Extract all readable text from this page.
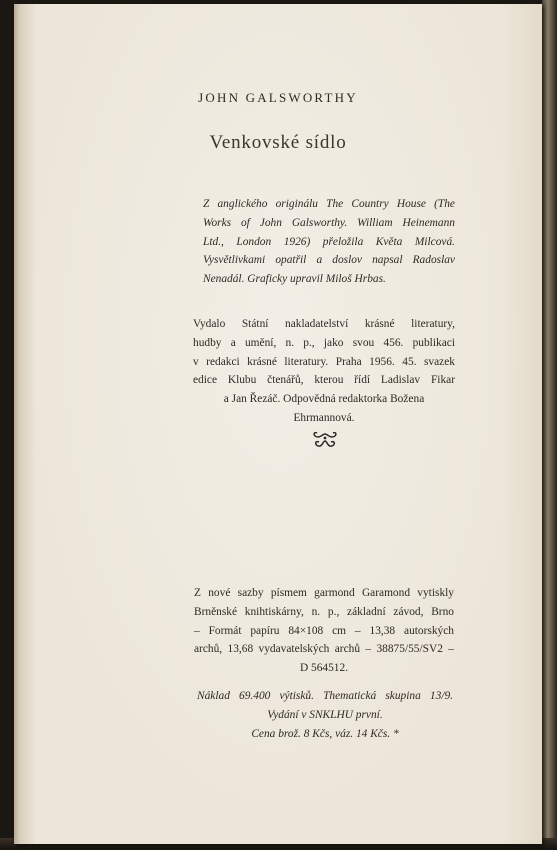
JOHN GALSWORTHY
Venkovské sídlo
Z anglického originálu The Country House (The
Works of John Galsworthy. William Heinemann
Ltd., London 1926) přeložila Květa Milcová.
Vysvětlivkami opatřil a doslov napsal Radoslav
Nenadál. Graficky upravil Miloš Hrbas.
Vydalo Státní nakladatelství krásné literatury,
hudby a umění, n. p., jako svou 456. publikaci
v redakci krásné literatury. Praha 1956. 45. svazek
edice Klubu čtenářů, kterou řídí Ladislav Fikar
a Jan Řezáč. Odpovědná redaktorka Božena
Ehrmannová.
Z nové sazby písmem garmond Garamond vytiskly
Brněnské knihtiskárny, n. p., základní závod, Brno
– Formát papíru 84×108 cm – 13,38 autorských
archů, 13,68 vydavatelských archů – 38875/55/SV2 –
D 564512.
Náklad 69.400 výtisků. Thematická skupina 13/9.
Vydání v SNKLHU první.
Cena brož. 8 Kčs, váz. 14 Kčs. *
